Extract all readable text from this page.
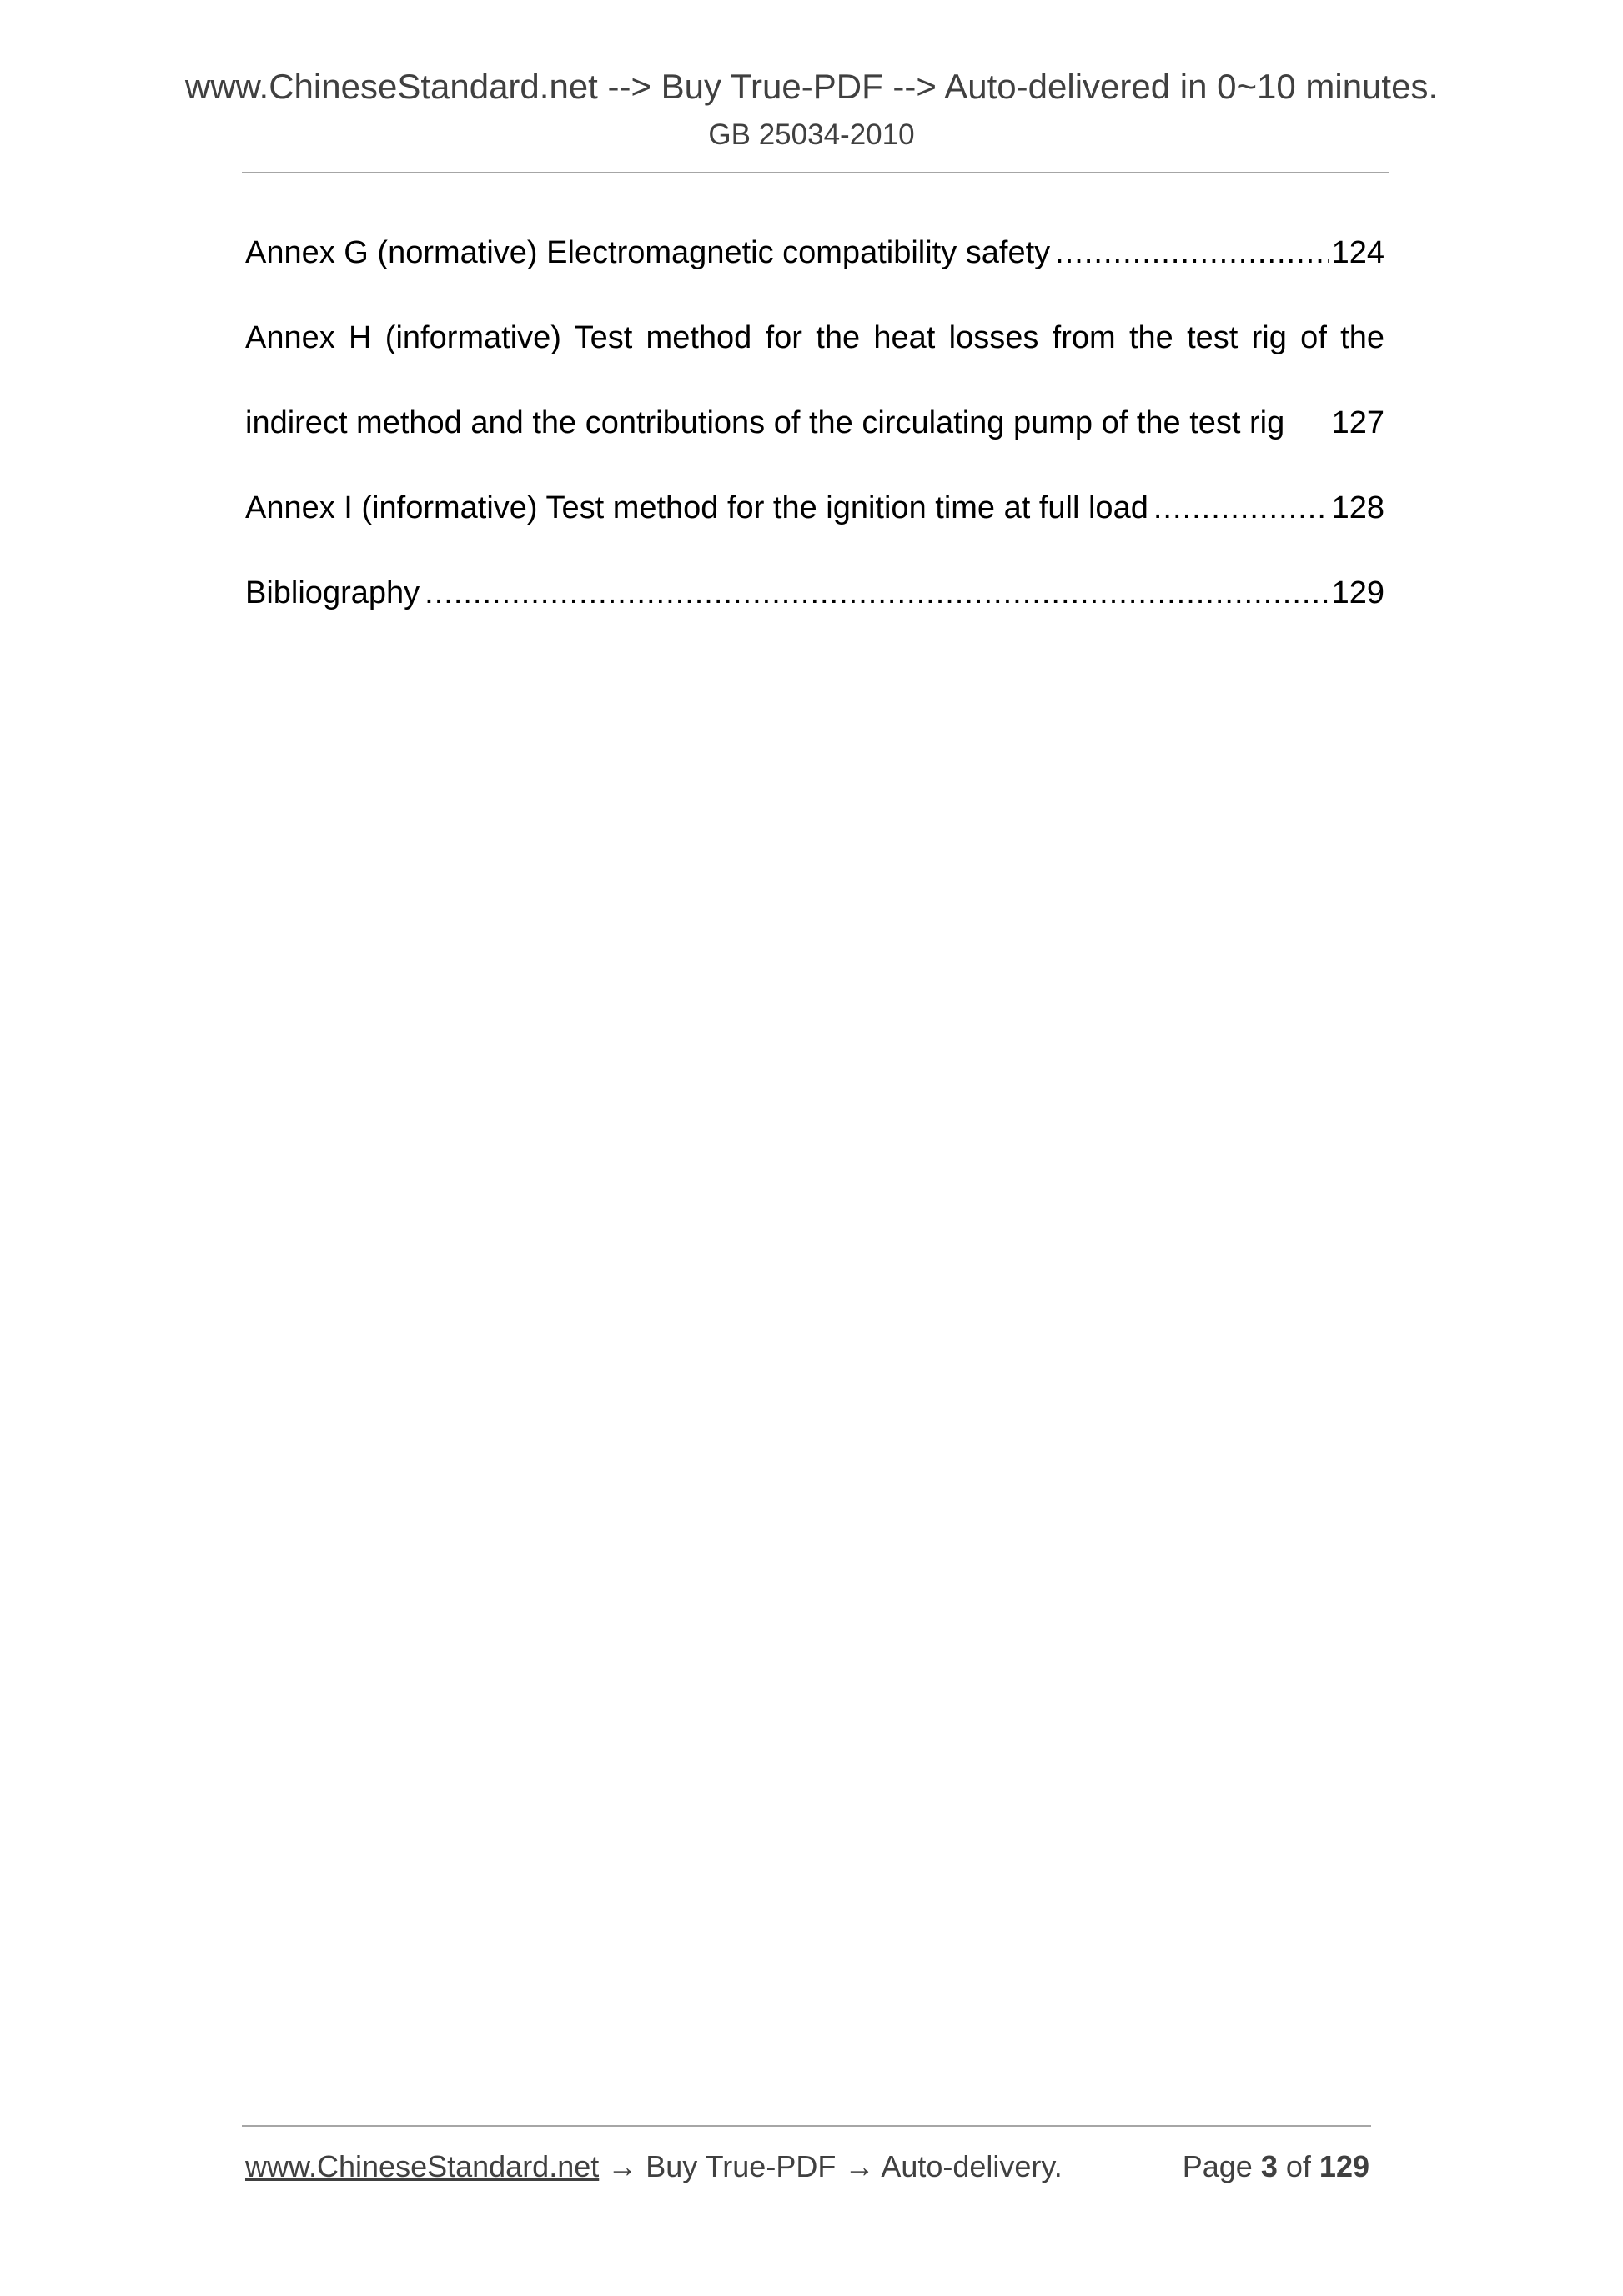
www.ChineseStandard.net --> Buy True-PDF --> Auto-delivered in 0~10 minutes.
GB 25034-2010
Annex G (normative) Electromagnetic compatibility safety .....	124
Annex H (informative) Test method for the heat losses from the test rig of the
indirect method and the contributions of the circulating pump of the test rig	127
Annex I (informative) Test method for the ignition time at full load .....	128
Bibliography .....	129
www.ChineseStandard.net → Buy True-PDF → Auto-delivery.	Page 3 of 129
